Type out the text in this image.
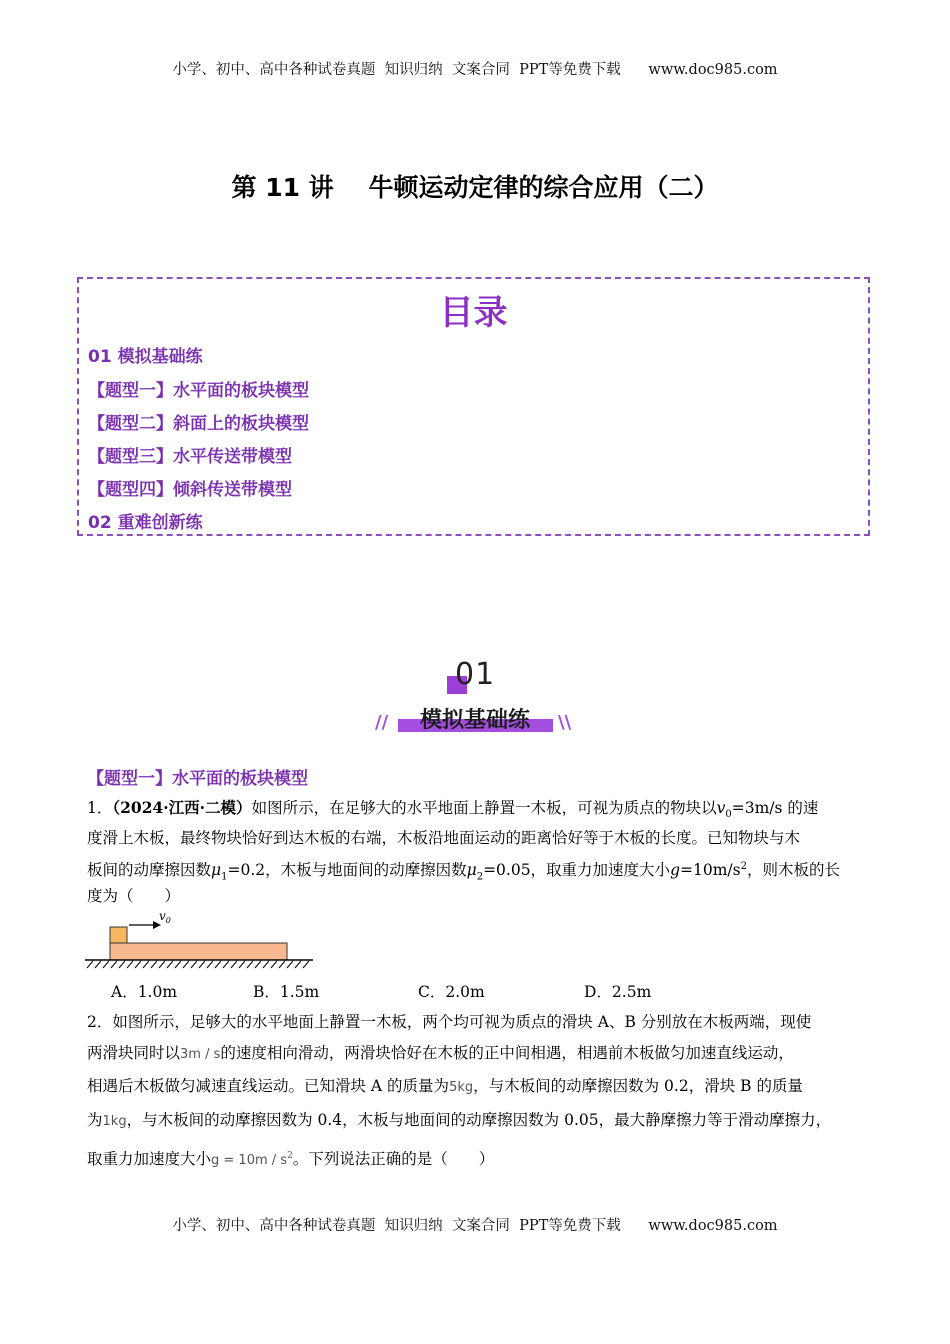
小学、初中、高中各种试卷真题  知识归纳  文案合同  PPT等免费下载      www.doc985.com
第 11 讲    牛顿运动定律的综合应用（二）
目录
01 模拟基础练
【题型一】水平面的板块模型
【题型二】斜面上的板块模型
【题型三】水平传送带模型
【题型四】倾斜传送带模型
02 重难创新练
01
//	模拟基础练	\\
【题型一】水平面的板块模型
1．（2024·江西·二模）如图所示，在足够大的水平地面上静置一木板，可视为质点的物块以$v_0=3m/s$ 的速
度滑上木板，最终物块恰好到达木板的右端，木板沿地面运动的距离恰好等于木板的长度。已知物块与木
板间的动摩擦因数$\mu_1=0.2$，木板与地面间的动摩擦因数$\mu_2=0.05$，取重力加速度大小$g=10m/s^2$，则木板的长
度为（　　）
$v_0$
A．1.0m	B．1.5m	C．2.0m	D．2.5m
2．如图所示，足够大的水平地面上静置一木板，两个均可视为质点的滑块 A、B 分别放在木板两端，现使
两滑块同时以3m / s的速度相向滑动，两滑块恰好在木板的正中间相遇，相遇前木板做匀加速直线运动，
相遇后木板做匀减速直线运动。已知滑块 A 的质量为5kg，与木板间的动摩擦因数为 0.2，滑块 B 的质量
为1kg，与木板间的动摩擦因数为 0.4，木板与地面间的动摩擦因数为 0.05，最大静摩擦力等于滑动摩擦力，
取重力加速度大小$g = 10m / s^2$。下列说法正确的是（　　）
小学、初中、高中各种试卷真题  知识归纳  文案合同  PPT等免费下载      www.doc985.com
